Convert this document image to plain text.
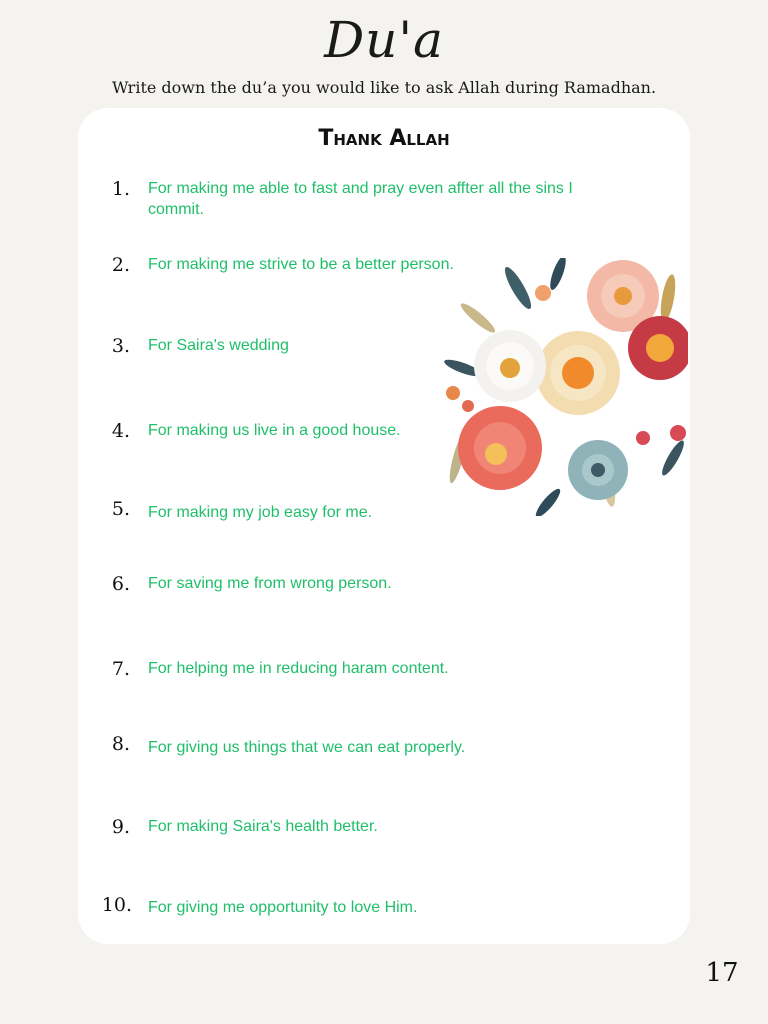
Du'a
Write down the du’a you would like to ask Allah during Ramadhan.
Thank Allah
1. For making me able to fast and pray even affter all the sins I commit.
2. For making me strive to be a better person.
3. For Saira's wedding
4. For making us live in a good house.
5. For making my job easy for me.
6. For saving me from wrong person.
7. For helping me in reducing haram content.
8. For giving us things that we can eat properly.
9. For making Saira's health better.
10. For giving me opportunity to love Him.
17
